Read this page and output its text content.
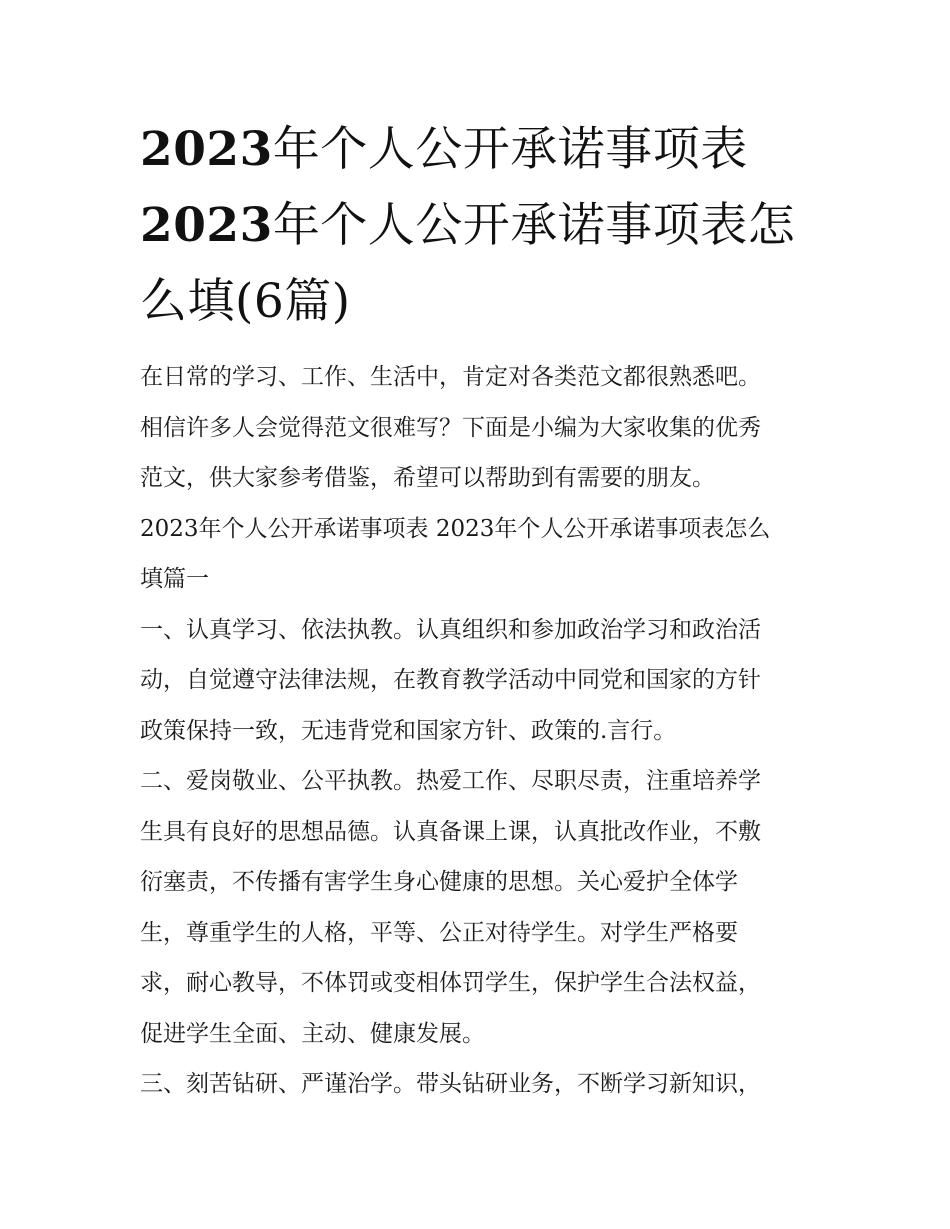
2023年个人公开承诺事项表
2023年个人公开承诺事项表怎
么填(6篇)

在日常的学习、工作、生活中，肯定对各类范文都很熟悉吧。
相信许多人会觉得范文很难写？下面是小编为大家收集的优秀
范文，供大家参考借鉴，希望可以帮助到有需要的朋友。

2023年个人公开承诺事项表 2023年个人公开承诺事项表怎么
填篇一

一、认真学习、依法执教。认真组织和参加政治学习和政治活
动，自觉遵守法律法规，在教育教学活动中同党和国家的方针
政策保持一致，无违背党和国家方针、政策的.言行。

二、爱岗敬业、公平执教。热爱工作、尽职尽责，注重培养学
生具有良好的思想品德。认真备课上课，认真批改作业，不敷
衍塞责，不传播有害学生身心健康的思想。关心爱护全体学
生，尊重学生的人格，平等、公正对待学生。对学生严格要
求，耐心教导，不体罚或变相体罚学生，保护学生合法权益，
促进学生全面、主动、健康发展。

三、刻苦钻研、严谨治学。带头钻研业务，不断学习新知识，
